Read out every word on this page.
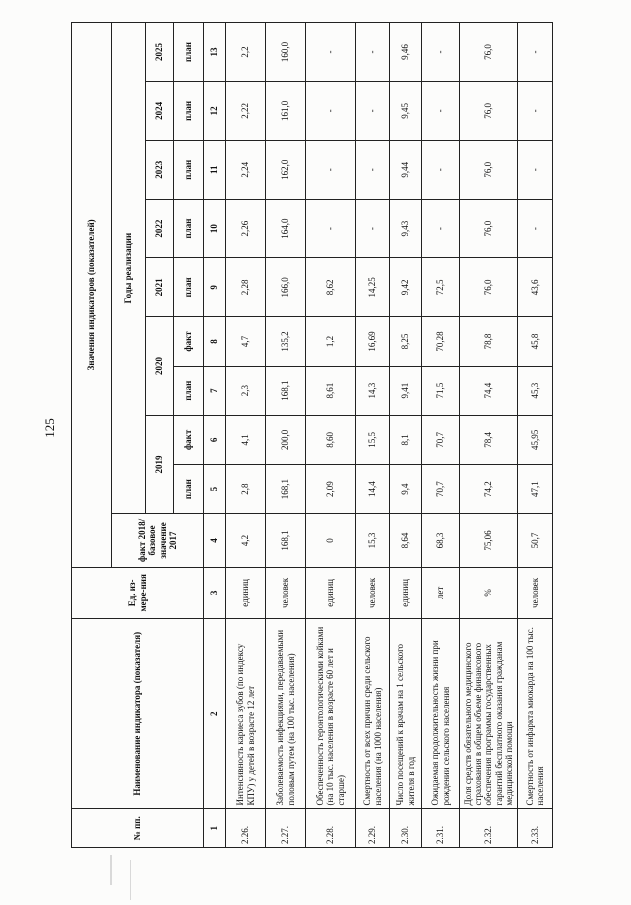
125
№ пп.	Наименование индикатора (показателя)	Ед. из-мере-ния	Значения индикаторов (показателей)									
			факт 2018/базовое значение 2017	Годы реализации								
				2019		2020		2021	2022	2023	2024	2025
				план	факт	план	факт	план	план	план	план	план
1	2	3	4	5	6	7	8	9	10	11	12	13
2.26.	Интенсивность кариеса зубов (по индексу КПУ) у детей в возрасте 12 лет	единиц	4,2	2,8	4,1	2,3	4,7	2,28	2,26	2,24	2,22	2,2
2.27.	Заболеваемость инфекциями, передаваемыми половым путем (на 100 тыс. населения)	человек	168,1	168,1	200,0	168,1	135,2	166,0	164,0	162,0	161,0	160,0
2.28.	Обеспеченность геронтологическими койками (на 10 тыс. населения в возрасте 60 лет и старше)	единиц	0	2,09	8,60	8,61	1,2	8,62	-	-	-	-
2.29.	Смертность от всех причин среди сельского населения (на 1000 населения)	человек	15,3	14,4	15,5	14,3	16,69	14,25	-	-	-	-
2.30.	Число посещений к врачам на 1 сельского жителя в год	единиц	8,64	9,4	8,1	9,41	8,25	9,42	9,43	9,44	9,45	9,46
2.31.	Ожидаемая продолжительность жизни при рождении сельского населения	лет	68,3	70,7	70,7	71,5	70,28	72,5	-	-	-	-
2.32.	Доля средств обязательного медицинского страхования в общем объеме финансового обеспечения программы государственных гарантий бесплатного оказания гражданам медицинской помощи	%	75,06	74,2	78,4	74,4	78,8	76,0	76,0	76,0	76,0	76,0
2.33.	Смертность от инфаркта миокарда на 100 тыс. населения	человек	50,7	47,1	45,95	45,3	45,8	43,6	-	-	-	-
